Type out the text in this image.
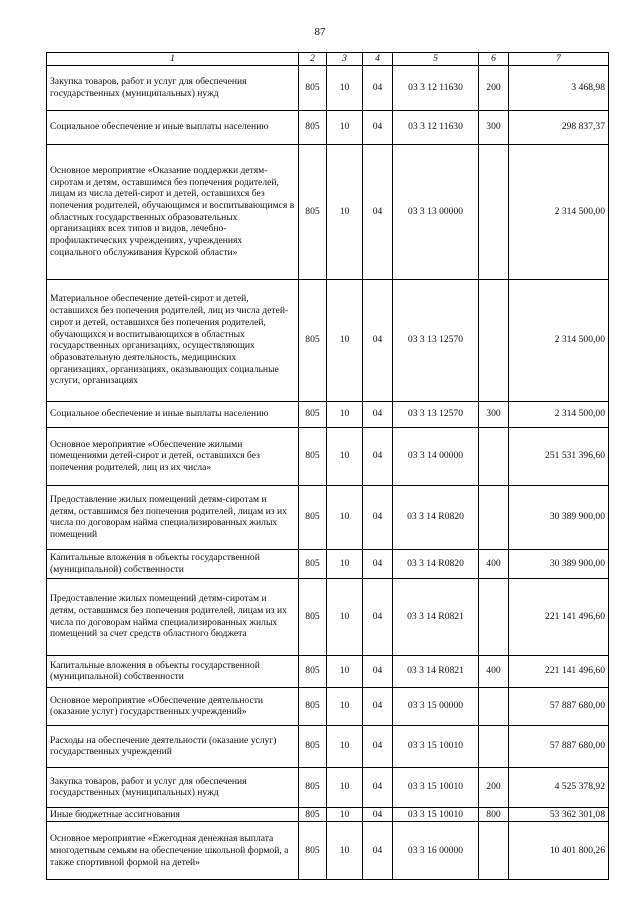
87
1	2	3	4	5	6	7
Закупка товаров, работ и услуг для обеспечения государственных (муниципальных) нужд	805	10	04	03 3 12 11630	200	3 468,98
Социальное обеспечение и иные выплаты населению	805	10	04	03 3 12 11630	300	298 837,37
Основное мероприятие «Оказание поддержки детям-сиротам и детям, оставшимся без попечения родителей, лицам из числа детей-сирот и детей, оставшихся без попечения родителей, обучающимся и воспитывающимся в областных государственных образовательных организациях всех типов и видов, лечебно-профилактических учреждениях, учреждениях социального обслуживания Курской области»	805	10	04	03 3 13 00000		2 314 500,00
Материальное обеспечение детей-сирот и детей, оставшихся без попечения родителей, лиц из числа детей-сирот и детей, оставшихся без попечения родителей, обучающихся и воспитывающихся в областных государственных организациях, осуществляющих образовательную деятельность, медицинских организациях, организациях, оказывающих социальные услуги, организациях	805	10	04	03 3 13 12570		2 314 500,00
Социальное обеспечение и иные выплаты населению	805	10	04	03 3 13 12570	300	2 314 500,00
Основное мероприятие «Обеспечение жилыми помещениями детей-сирот и детей, оставшихся без попечения родителей, лиц из их числа»	805	10	04	03 3 14 00000		251 531 396,60
Предоставление жилых помещений детям-сиротам и детям, оставшимся без попечения родителей, лицам из их числа по договорам найма специализированных жилых помещений	805	10	04	03 3 14 R0820		30 389 900,00
Капитальные вложения в объекты государственной (муниципальной) собственности	805	10	04	03 3 14 R0820	400	30 389 900,00
Предоставление жилых помещений детям-сиротам и детям, оставшимся без попечения родителей, лицам из их числа по договорам найма специализированных жилых помещений за счет средств областного бюджета	805	10	04	03 3 14 R0821		221 141 496,60
Капитальные вложения в объекты государственной (муниципальной) собственности	805	10	04	03 3 14 R0821	400	221 141 496,60
Основное мероприятие «Обеспечение деятельности (оказание услуг) государственных учреждений»	805	10	04	03 3 15 00000		57 887 680,00
Расходы на обеспечение деятельности (оказание услуг) государственных учреждений	805	10	04	03 3 15 10010		57 887 680,00
Закупка товаров, работ и услуг для обеспечения государственных (муниципальных) нужд	805	10	04	03 3 15 10010	200	4 525 378,92
Иные бюджетные ассигнования	805	10	04	03 3 15 10010	800	53 362 301,08
Основное мероприятие «Ежегодная денежная выплата многодетным семьям на обеспечение школьной формой, а также спортивной формой на детей»	805	10	04	03 3 16 00000		10 401 800,26
